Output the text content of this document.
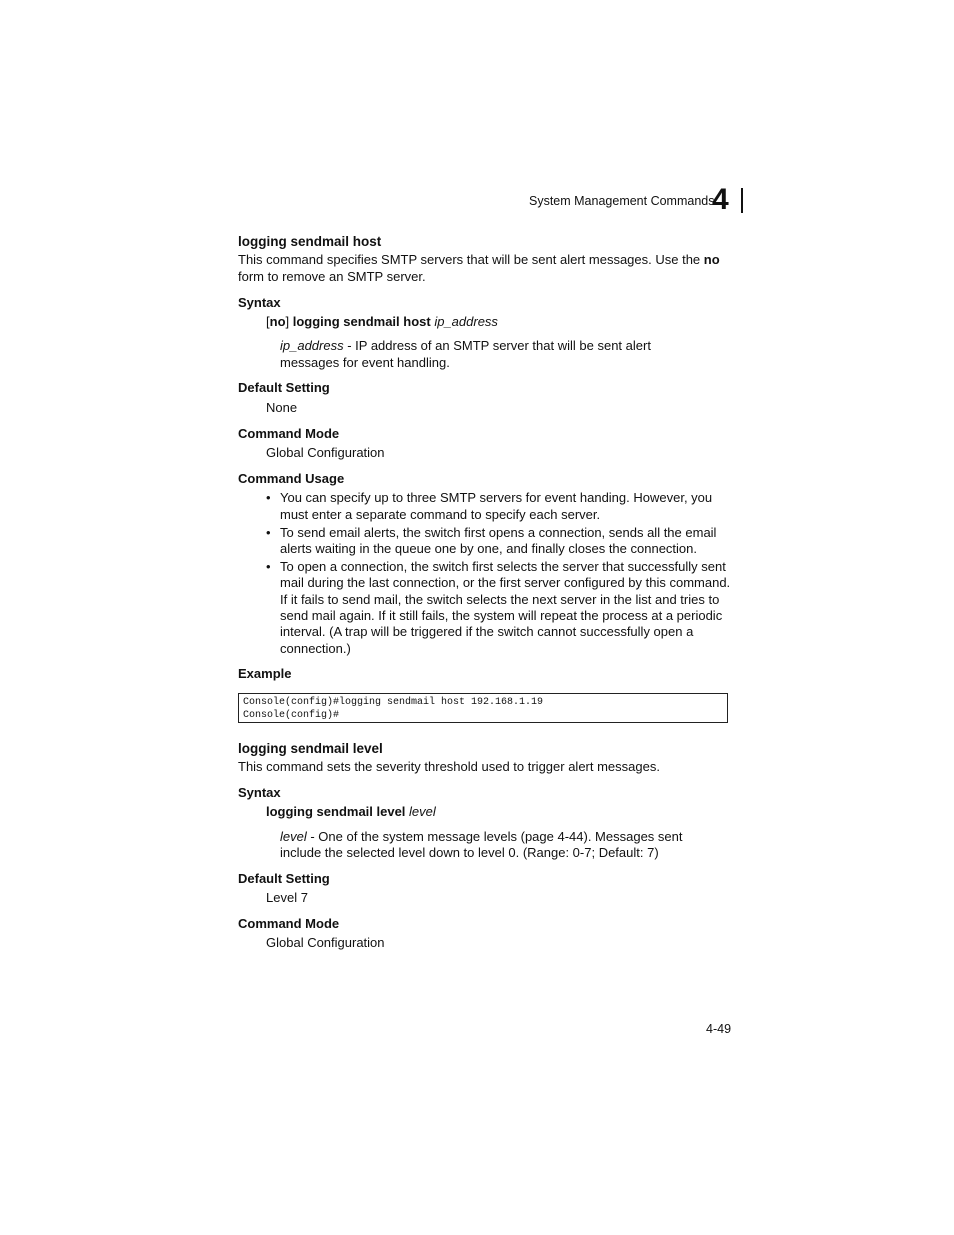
System Management Commands
4
logging sendmail host
This command specifies SMTP servers that will be sent alert messages. Use the no
form to remove an SMTP server.
Syntax
[no] logging sendmail host ip_address
ip_address - IP address of an SMTP server that will be sent alert
messages for event handling.
Default Setting
None
Command Mode
Global Configuration
Command Usage
• You can specify up to three SMTP servers for event handing. However, you
must enter a separate command to specify each server.
• To send email alerts, the switch first opens a connection, sends all the email
alerts waiting in the queue one by one, and finally closes the connection.
• To open a connection, the switch first selects the server that successfully sent
mail during the last connection, or the first server configured by this command.
If it fails to send mail, the switch selects the next server in the list and tries to
send mail again. If it still fails, the system will repeat the process at a periodic
interval. (A trap will be triggered if the switch cannot successfully open a
connection.)
Example
Console(config)#logging sendmail host 192.168.1.19
Console(config)#
logging sendmail level
This command sets the severity threshold used to trigger alert messages.
Syntax
logging sendmail level level
level - One of the system message levels (page 4-44). Messages sent
include the selected level down to level 0. (Range: 0-7; Default: 7)
Default Setting
Level 7
Command Mode
Global Configuration
4-49
